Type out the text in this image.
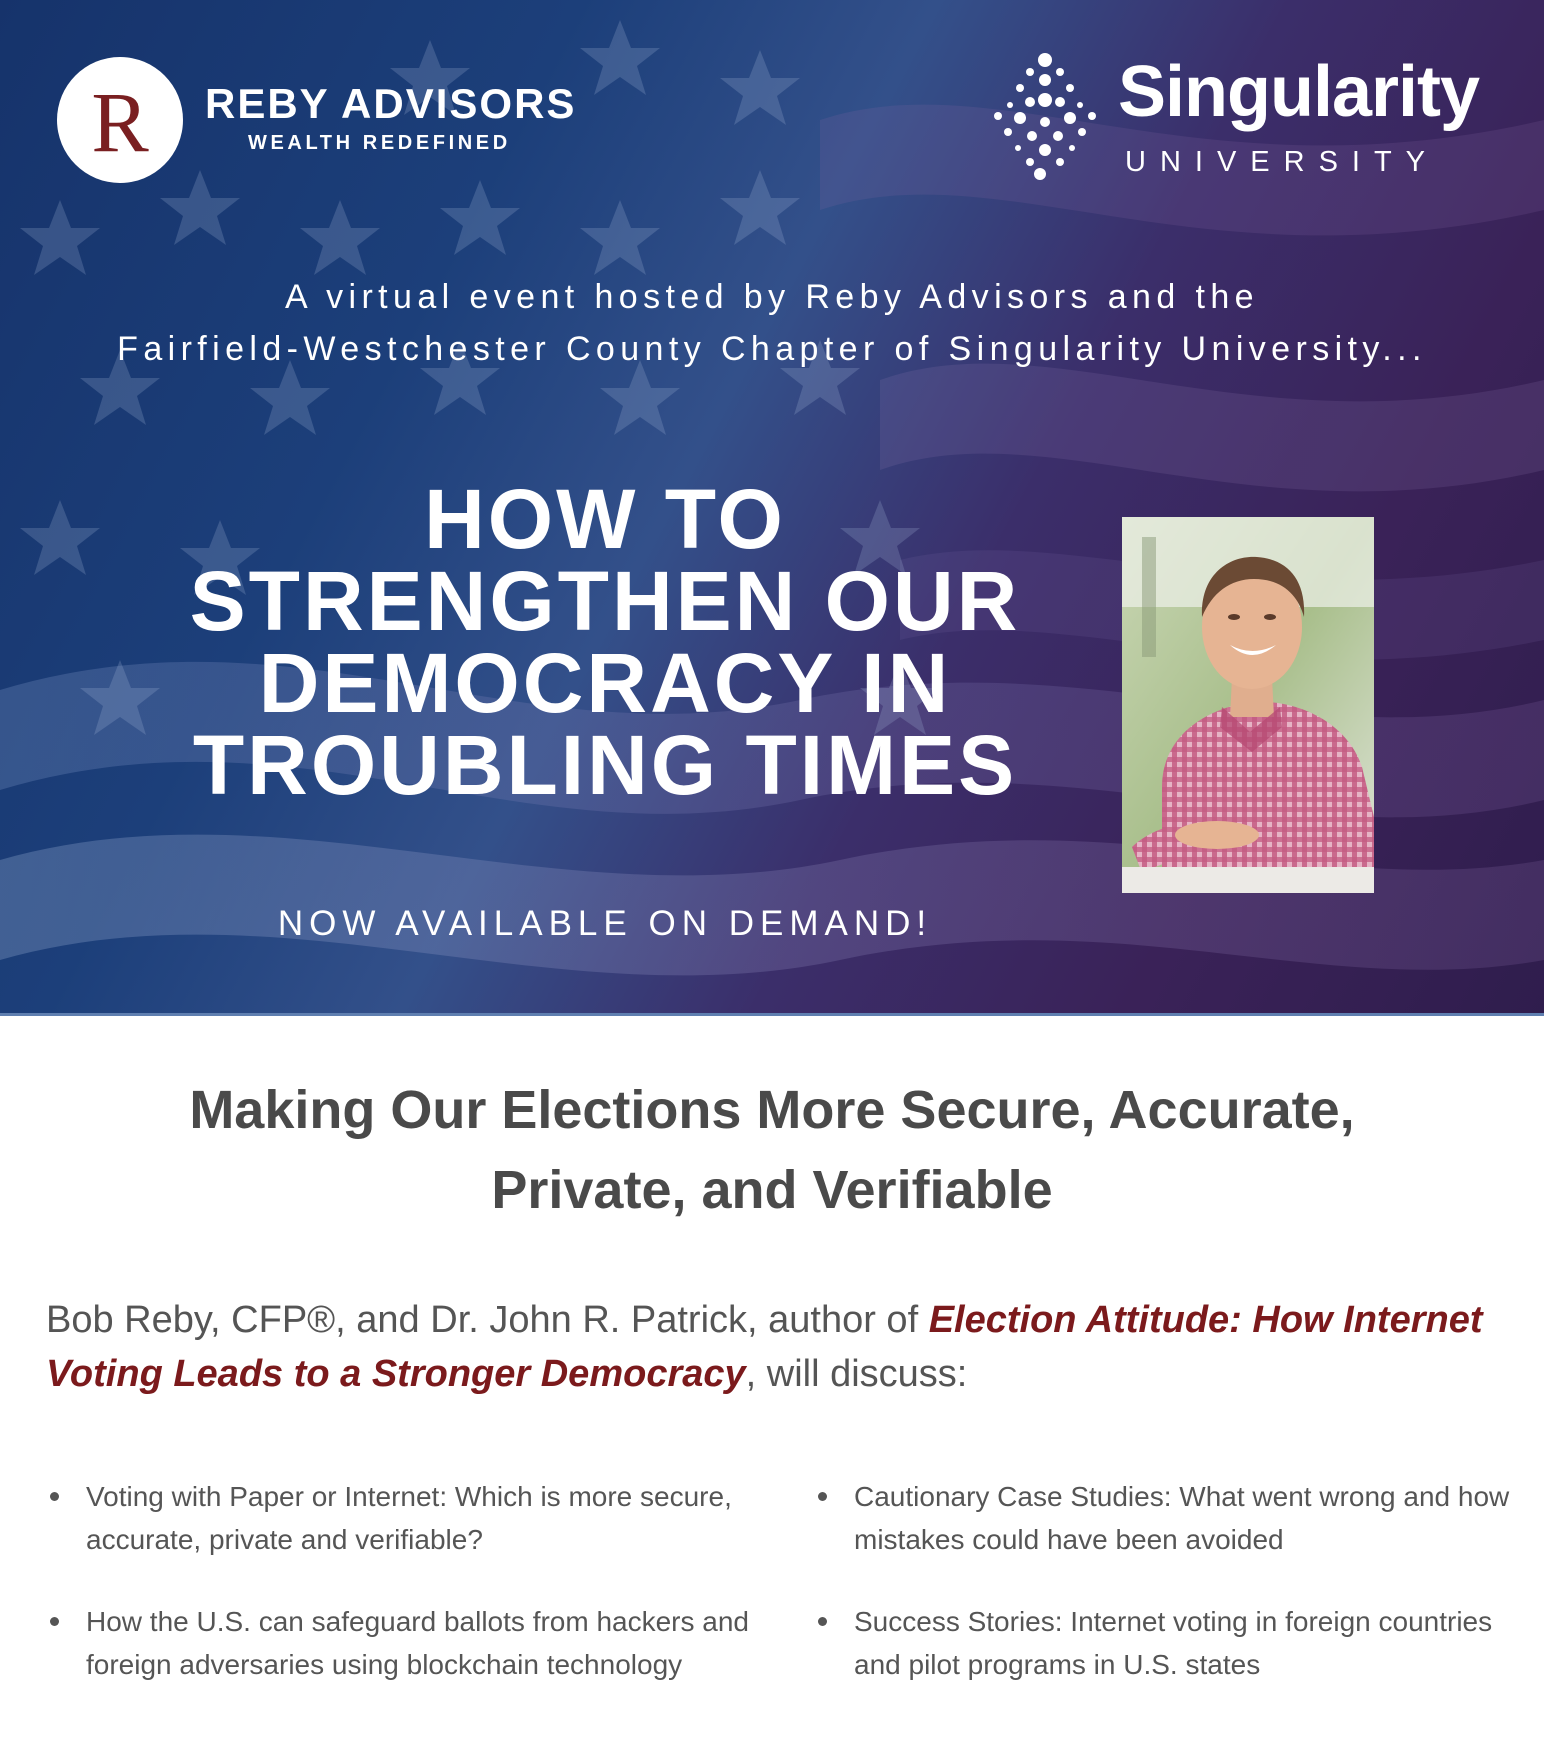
R REBY ADVISORS
WEALTH REDEFINED
Singularity
UNIVERSITY
A virtual event hosted by Reby Advisors and the
Fairfield-Westchester County Chapter of Singularity University...
HOW TO
STRENGTHEN OUR
DEMOCRACY IN
TROUBLING TIMES
NOW AVAILABLE ON DEMAND!
Making Our Elections More Secure, Accurate,
Private, and Verifiable
Bob Reby, CFP®, and Dr. John R. Patrick, author of Election Attitude: How Internet Voting Leads to a Stronger Democracy, will discuss:
Voting with Paper or Internet: Which is more secure, accurate, private and verifiable?
How the U.S. can safeguard ballots from hackers and foreign adversaries using blockchain technology
Cautionary Case Studies: What went wrong and how mistakes could have been avoided
Success Stories: Internet voting in foreign countries and pilot programs in U.S. states
